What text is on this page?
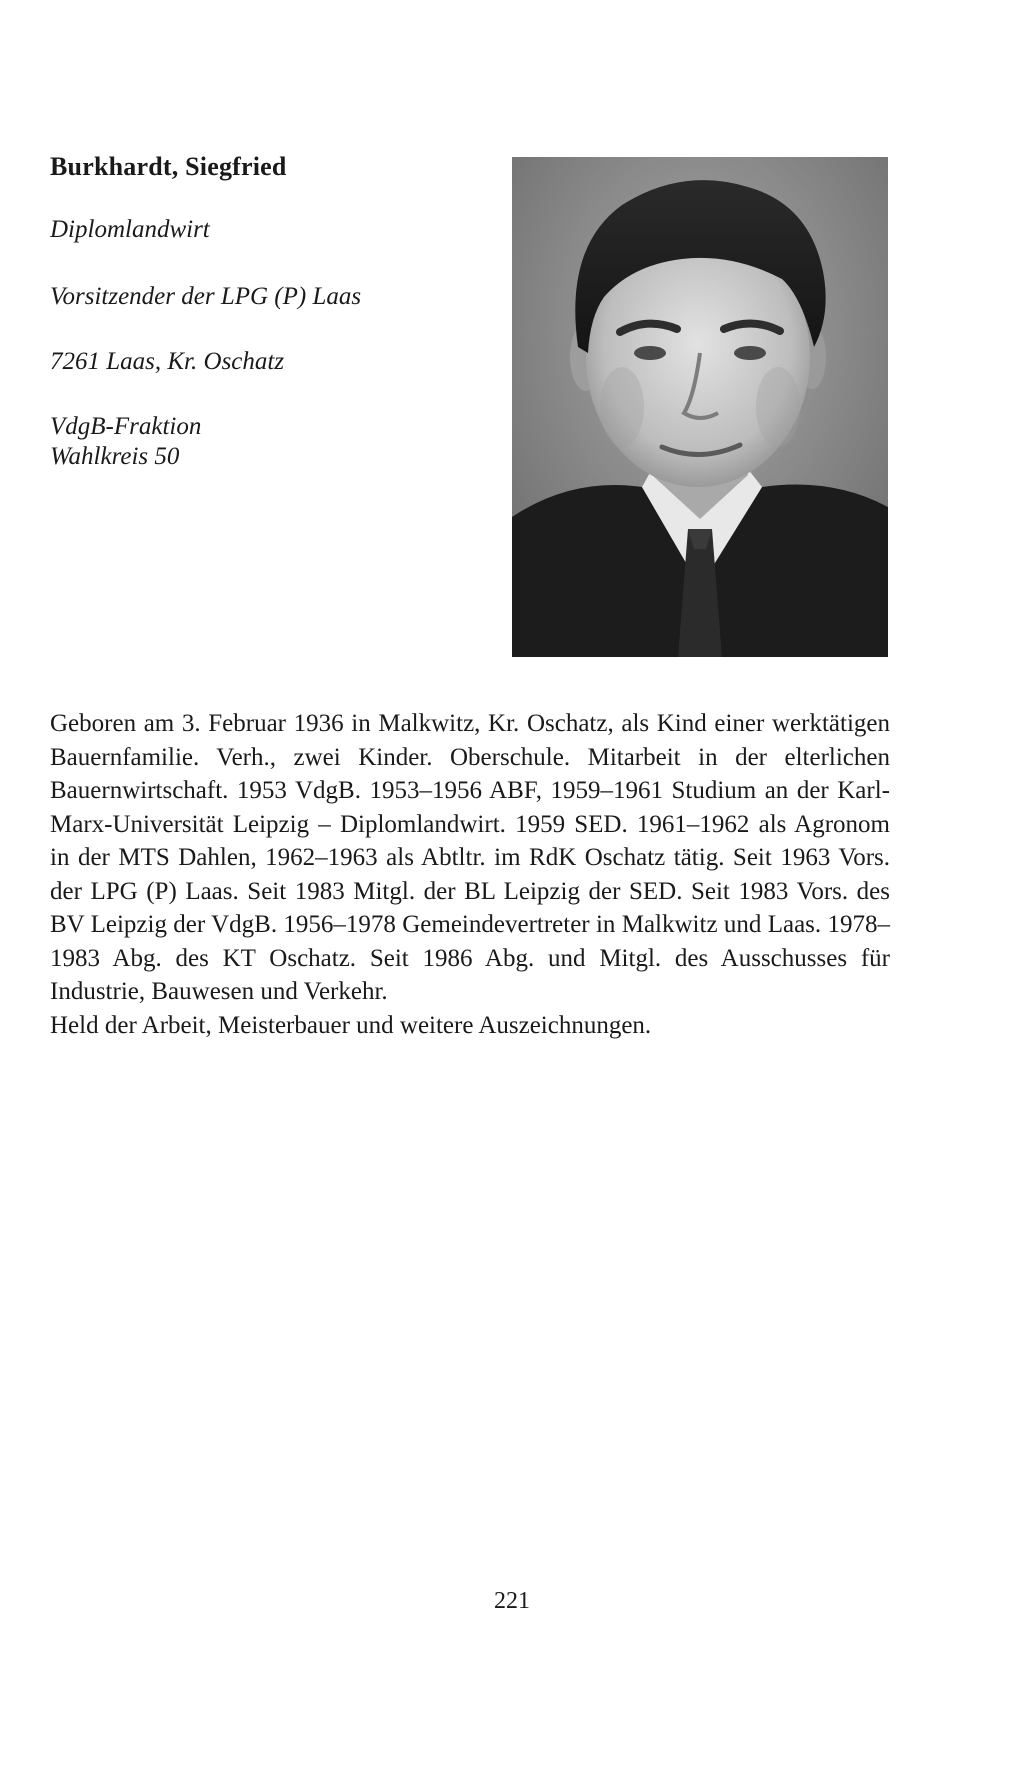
Burkhardt, Siegfried
Diplomlandwirt
Vorsitzender der LPG (P) Laas
7261 Laas, Kr. Oschatz
VdgB-Fraktion
Wahlkreis 50

Geboren am 3. Februar 1936 in Malkwitz, Kr. Oschatz, als Kind einer werktätigen Bauernfamilie. Verh., zwei Kinder. Oberschule. Mitarbeit in der elterlichen Bauernwirtschaft. 1953 VdgB. 1953–1956 ABF, 1959–1961 Studium an der Karl-Marx-Universität Leipzig – Diplomlandwirt. 1959 SED. 1961–1962 als Agronom in der MTS Dahlen, 1962–1963 als Abtltr. im RdK Oschatz tätig. Seit 1963 Vors. der LPG (P) Laas. Seit 1983 Mitgl. der BL Leipzig der SED. Seit 1983 Vors. des BV Leipzig der VdgB. 1956–1978 Gemeindevertreter in Malkwitz und Laas. 1978–1983 Abg. des KT Oschatz. Seit 1986 Abg. und Mitgl. des Ausschusses für Industrie, Bauwesen und Verkehr.

Held der Arbeit, Meisterbauer und weitere Auszeichnungen.

221
